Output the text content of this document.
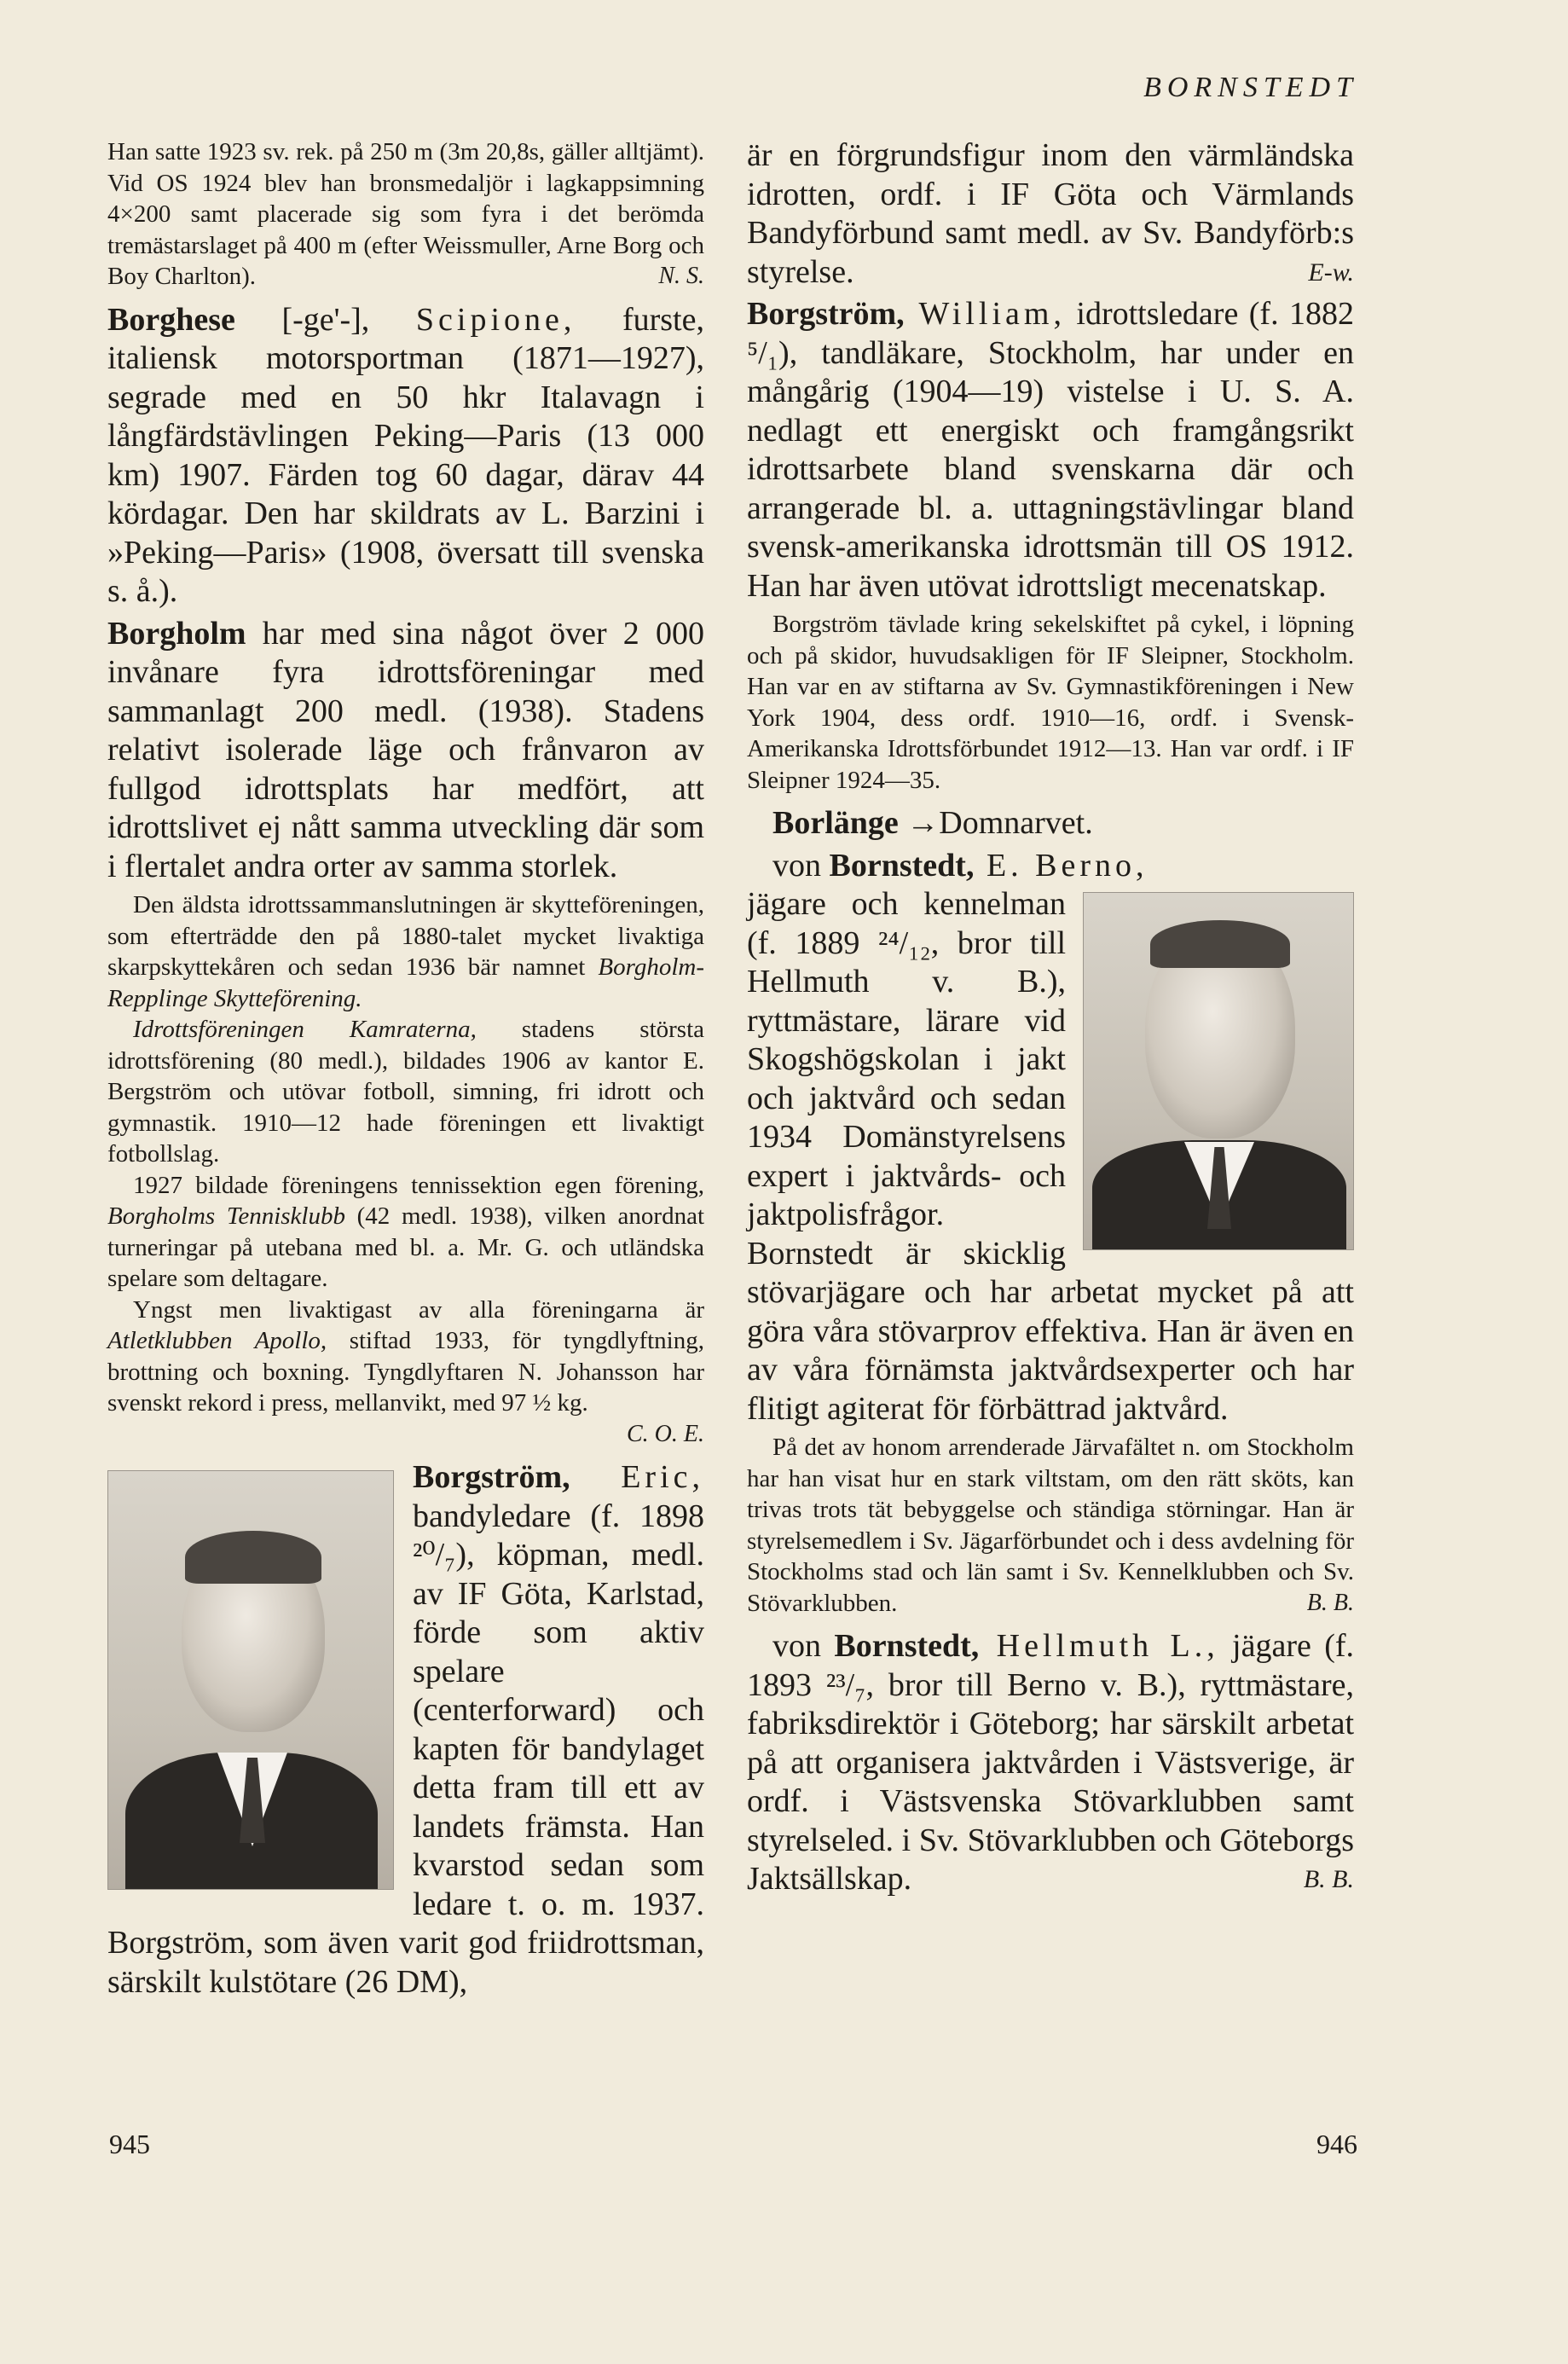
BORNSTEDT

Han satte 1923 sv. rek. på 250 m (3m 20,8s, gäller alltjämt). Vid OS 1924 blev han bronsmedaljör i lagkappsimning 4×200 samt placerade sig som fyra i det berömda tremästarslaget på 400 m (efter Weissmuller, Arne Borg och Boy Charlton).	N. S.

Borghese [-ge'-], Scipione, furste, italiensk motorsportman (1871—1927), segrade med en 50 hkr Italavagn i långfärdstävlingen Peking—Paris (13 000 km) 1907. Färden tog 60 dagar, därav 44 kördagar. Den har skildrats av L. Barzini i »Peking—Paris» (1908, översatt till svenska s. å.).

Borgholm har med sina något över 2 000 invånare fyra idrottsföreningar med sammanlagt 200 medl. (1938). Stadens relativt isolerade läge och frånvaron av fullgod idrottsplats har medfört, att idrottslivet ej nått samma utveckling där som i flertalet andra orter av samma storlek.

Den äldsta idrottssammanslutningen är skytteföreningen, som efterträdde den på 1880-talet mycket livaktiga skarpskyttekåren och sedan 1936 bär namnet Borgholm-Repplinge Skytteförening.

Idrottsföreningen Kamraterna, stadens största idrottsförening (80 medl.), bildades 1906 av kantor E. Bergström och utövar fotboll, simning, fri idrott och gymnastik. 1910—12 hade föreningen ett livaktigt fotbollslag.

1927 bildade föreningens tennissektion egen förening, Borgholms Tennisklubb (42 medl. 1938), vilken anordnat turneringar på utebana med bl. a. Mr. G. och utländska spelare som deltagare.

Yngst men livaktigast av alla föreningarna är Atletklubben Apollo, stiftad 1933, för tyngdlyftning, brottning och boxning. Tyngdlyftaren N. Johansson har svenskt rekord i press, mellanvikt, med 97 ½ kg.
C. O. E.

Borgström, Eric, bandyledare (f. 1898 ²⁰/₇), köpman, medl. av IF Göta, Karlstad, förde som aktiv spelare (centerforward) och kapten för bandylaget detta fram till ett av landets främsta. Han kvarstod sedan som ledare t. o. m. 1937. Borgström, som även varit god friidrottsman, särskilt kulstötare (26 DM),

är en förgrundsfigur inom den värmländska idrotten, ordf. i IF Göta och Värmlands Bandyförbund samt medl. av Sv. Bandyförb:s styrelse.	E-w.

Borgström, William, idrottsledare (f. 1882 ⁵/₁), tandläkare, Stockholm, har under en mångårig (1904—19) vistelse i U. S. A. nedlagt ett energiskt och framgångsrikt idrottsarbete bland svenskarna där och arrangerade bl. a. uttagningstävlingar bland svensk-amerikanska idrottsmän till OS 1912. Han har även utövat idrottsligt mecenatskap.

Borgström tävlade kring sekelskiftet på cykel, i löpning och på skidor, huvudsakligen för IF Sleipner, Stockholm. Han var en av stiftarna av Sv. Gymnastikföreningen i New York 1904, dess ordf. 1910—16, ordf. i Svensk-Amerikanska Idrottsförbundet 1912—13. Han var ordf. i IF Sleipner 1924—35.

Borlänge →Domnarvet.

von Bornstedt, E. Berno,

jägare och kennelman (f. 1889 ²⁴/₁₂, bror till Hellmuth v. B.), ryttmästare, lärare vid Skogshögskolan i jakt och jaktvård och sedan 1934 Domänstyrelsens expert i jaktvårds- och jaktpolisfrågor. Bornstedt är skicklig stövarjägare och har arbetat mycket på att göra våra stövarprov effektiva. Han är även en av våra förnämsta jaktvårdsexperter och har flitigt agiterat för förbättrad jaktvård.

På det av honom arrenderade Järvafältet n. om Stockholm har han visat hur en stark viltstam, om den rätt sköts, kan trivas trots tät bebyggelse och ständiga störningar. Han är styrelsemedlem i Sv. Jägarförbundet och i dess avdelning för Stockholms stad och län samt i Sv. Kennelklubben och Sv. Stövarklubben.	B. B.

von Bornstedt, Hellmuth L., jägare (f. 1893 ²³/₇, bror till Berno v. B.), ryttmästare, fabriksdirektör i Göteborg; har särskilt arbetat på att organisera jaktvården i Västsverige, är ordf. i Västsvenska Stövarklubben samt styrelseled. i Sv. Stövarklubben och Göteborgs Jaktsällskap.	B. B.

945	946
